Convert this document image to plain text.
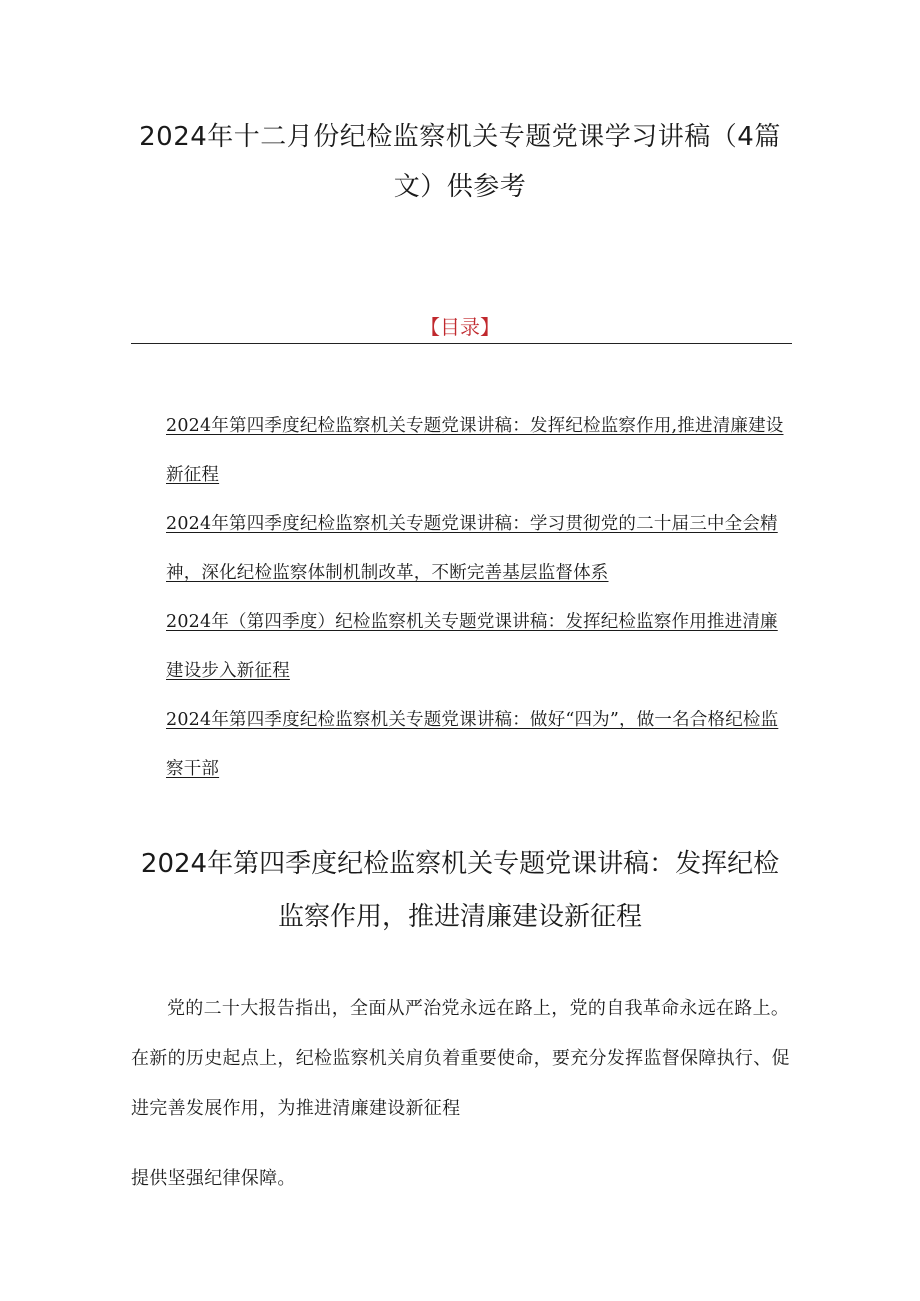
2024年十二月份纪检监察机关专题党课学习讲稿（4篇文）供参考
【目录】
2024年第四季度纪检监察机关专题党课讲稿：发挥纪检监察作用,推进清廉建设新征程
2024年第四季度纪检监察机关专题党课讲稿：学习贯彻党的二十届三中全会精神，深化纪检监察体制机制改革，不断完善基层监督体系
2024年（第四季度）纪检监察机关专题党课讲稿：发挥纪检监察作用推进清廉建设步入新征程
2024年第四季度纪检监察机关专题党课讲稿：做好“四为”，做一名合格纪检监察干部
2024年第四季度纪检监察机关专题党课讲稿：发挥纪检监察作用，推进清廉建设新征程

党的二十大报告指出，全面从严治党永远在路上，党的自我革命永远在路上。在新的历史起点上，纪检监察机关肩负着重要使命，要充分发挥监督保障执行、促进完善发展作用，为推进清廉建设新征程

提供坚强纪律保障。
